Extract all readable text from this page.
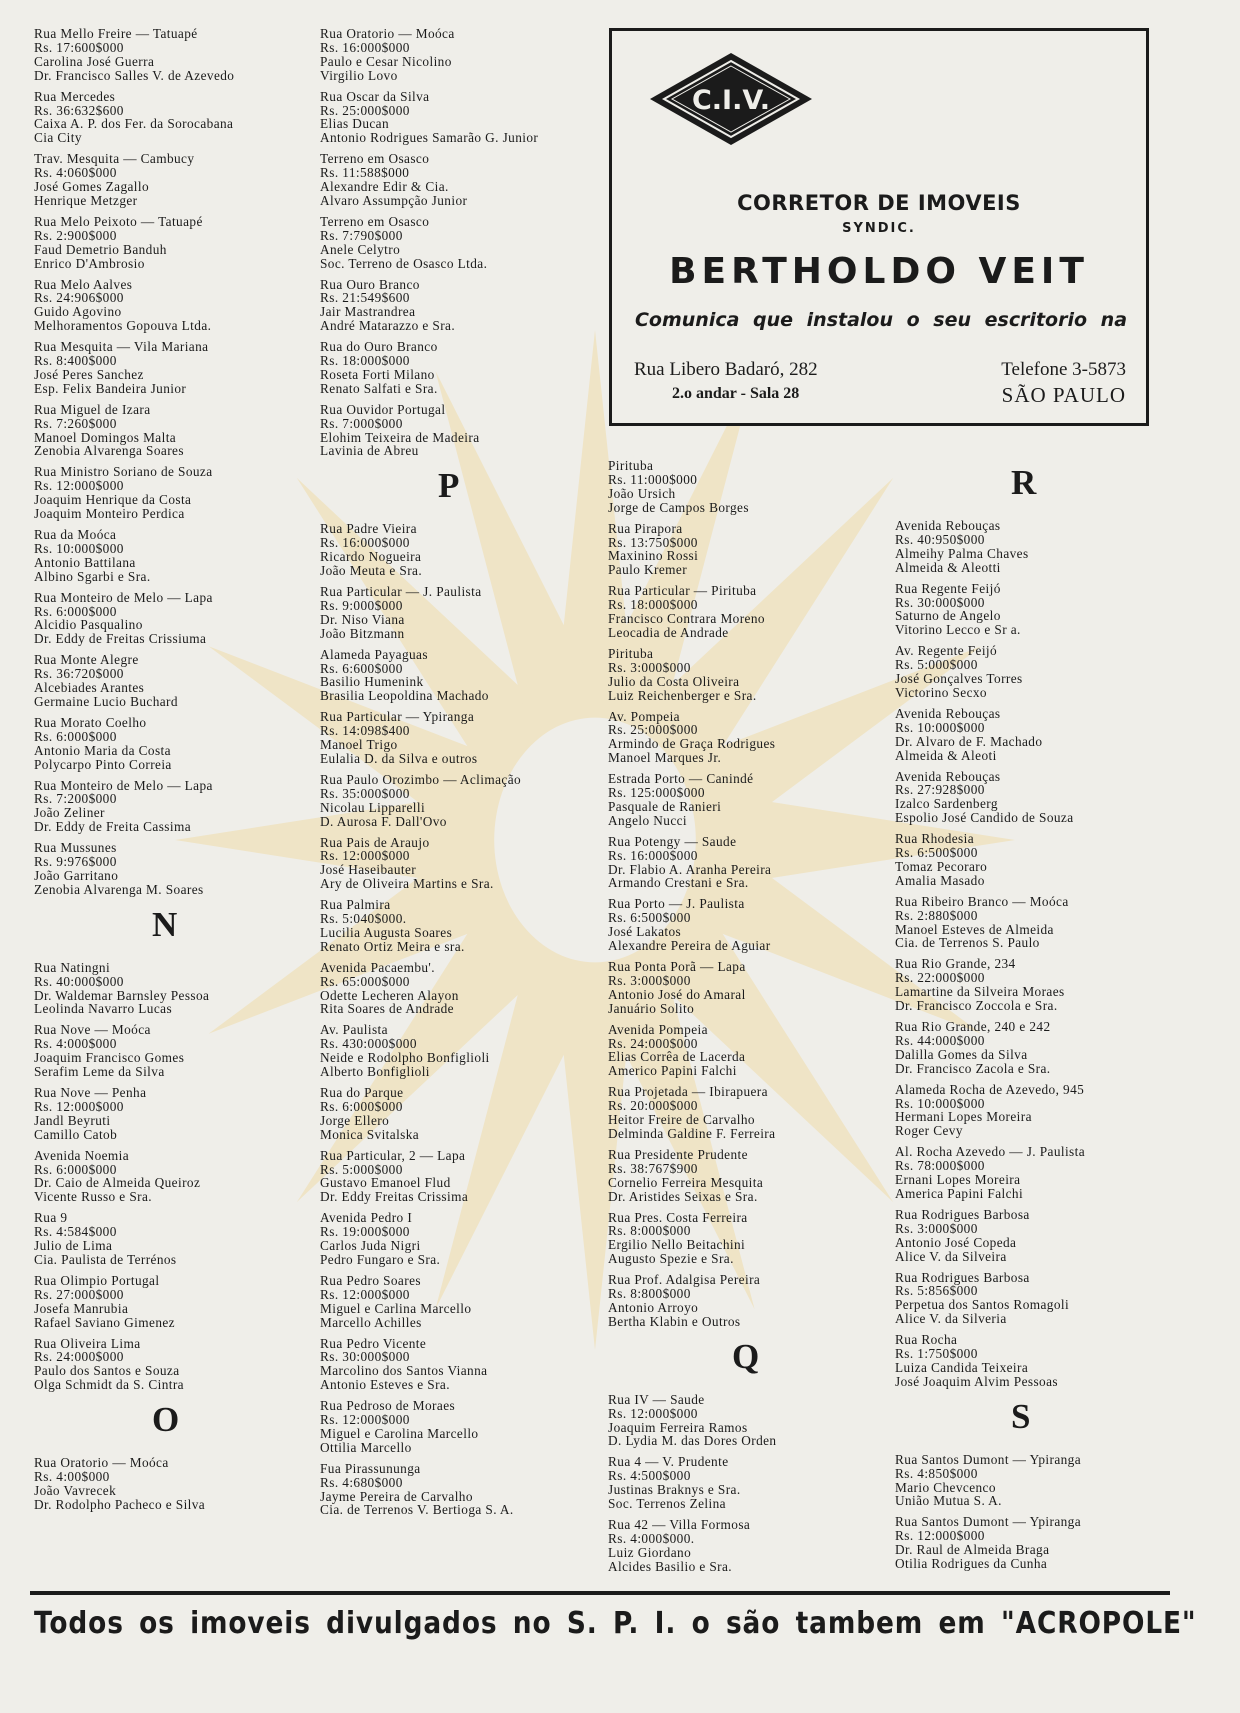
Rua Mello Freire — Tatuapé
Rs. 17:600$000
Carolina José Guerra
Dr. Francisco Salles V. de Azevedo
Rua Mercedes
Rs. 36:632$600
Caixa A. P. dos Fer. da Sorocabana
Cia City
Trav. Mesquita — Cambucy
Rs. 4:060$000
José Gomes Zagallo
Henrique Metzger
Rua Melo Peixoto — Tatuapé
Rs. 2:900$000
Faud Demetrio Banduh
Enrico D'Ambrosio
Rua Melo Aalves
Rs. 24:906$000
Guido Agovino
Melhoramentos Gopouva Ltda.
Rua Mesquita — Vila Mariana
Rs. 8:400$000
José Peres Sanchez
Esp. Felix Bandeira Junior
Rua Miguel de Izara
Rs. 7:260$000
Manoel Domingos Malta
Zenobia Alvarenga Soares
Rua Ministro Soriano de Souza
Rs. 12:000$000
Joaquim Henrique da Costa
Joaquim Monteiro Perdica
Rua da Moóca
Rs. 10:000$000
Antonio Battilana
Albino Sgarbi e Sra.
Rua Monteiro de Melo — Lapa
Rs. 6:000$000
Alcidio Pasqualino
Dr. Eddy de Freitas Crissiuma
Rua Monte Alegre
Rs. 36:720$000
Alcebiades Arantes
Germaine Lucio Buchard
Rua Morato Coelho
Rs. 6:000$000
Antonio Maria da Costa
Polycarpo Pinto Correia
Rua Monteiro de Melo — Lapa
Rs. 7:200$000
João Zeliner
Dr. Eddy de Freita Cassima
Rua Mussunes
Rs. 9:976$000
João Garritano
Zenobia Alvarenga M. Soares
N
Rua Natingni
Rs. 40:000$000
Dr. Waldemar Barnsley Pessoa
Leolinda Navarro Lucas
Rua Nove — Moóca
Rs. 4:000$000
Joaquim Francisco Gomes
Serafim Leme da Silva
Rua Nove — Penha
Rs. 12:000$000
Jandl Beyruti
Camillo Catob
Avenida Noemia
Rs. 6:000$000
Dr. Caio de Almeida Queiroz
Vicente Russo e Sra.
Rua 9
Rs. 4:584$000
Julio de Lima
Cia. Paulista de Terrénos
Rua Olimpio Portugal
Rs. 27:000$000
Josefa Manrubia
Rafael Saviano Gimenez
Rua Oliveira Lima
Rs. 24:000$000
Paulo dos Santos e Souza
Olga Schmidt da S. Cintra
O
Rua Oratorio — Moóca
Rs. 4:00$000
João Vavrecek
Dr. Rodolpho Pacheco e Silva
Rua Oratorio — Moóca
Rs. 16:000$000
Paulo e Cesar Nicolino
Virgilio Lovo
Rua Oscar da Silva
Rs. 25:000$000
Elias Ducan
Antonio Rodrigues Samarão G. Junior
Terreno em Osasco
Rs. 11:588$000
Alexandre Edir & Cia.
Alvaro Assumpção Junior
Terreno em Osasco
Rs. 7:790$000
Anele Celytro
Soc. Terreno de Osasco Ltda.
Rua Ouro Branco
Rs. 21:549$600
Jair Mastrandrea
André Matarazzo e Sra.
Rua do Ouro Branco
Rs. 18:000$000
Roseta Forti Milano
Renato Salfati e Sra.
Rua Ouvidor Portugal
Rs. 7:000$000
Elohim Teixeira de Madeira
Lavinia de Abreu
P
Rua Padre Vieira
Rs. 16:000$000
Ricardo Nogueira
João Meuta e Sra.
Rua Particular — J. Paulista
Rs. 9:000$000
Dr. Niso Viana
João Bitzmann
Alameda Payaguas
Rs. 6:600$000
Basilio Humenink
Brasilia Leopoldina Machado
Rua Particular — Ypiranga
Rs. 14:098$400
Manoel Trigo
Eulalia D. da Silva e outros
Rua Paulo Orozimbo — Aclimação
Rs. 35:000$000
Nicolau Lipparelli
D. Aurosa F. Dall'Ovo
Rua Pais de Araujo
Rs. 12:000$000
José Haseibauter
Ary de Oliveira Martins e Sra.
Rua Palmira
Rs. 5:040$000.
Lucilia Augusta Soares
Renato Ortiz Meira e sra.
Avenida Pacaembu'.
Rs. 65:000$000
Odette Lecheren Alayon
Rita Soares de Andrade
Av. Paulista
Rs. 430:000$000
Neide e Rodolpho Bonfiglioli
Alberto Bonfiglioli
Rua do Parque
Rs. 6:000$000
Jorge Ellero
Monica Svitalska
Rua Particular, 2 — Lapa
Rs. 5:000$000
Gustavo Emanoel Flud
Dr. Eddy Freitas Crissima
Avenida Pedro I
Rs. 19:000$000
Carlos Juda Nigri
Pedro Fungaro e Sra.
Rua Pedro Soares
Rs. 12:000$000
Miguel e Carlina Marcello
Marcello Achilles
Rua Pedro Vicente
Rs. 30:000$000
Marcolino dos Santos Vianna
Antonio Esteves e Sra.
Rua Pedroso de Moraes
Rs. 12:000$000
Miguel e Carolina Marcello
Ottilia Marcello
Fua Pirassununga
Rs. 4:680$000
Jayme Pereira de Carvalho
Cia. de Terrenos V. Bertioga S. A.
Pirituba
Rs. 11:000$000
João Ursich
Jorge de Campos Borges
Rua Pirapora
Rs. 13:750$000
Maxinino Rossi
Paulo Kremer
Rua Particular — Pirituba
Rs. 18:000$000
Francisco Contrara Moreno
Leocadia de Andrade
Pirituba
Rs. 3:000$000
Julio da Costa Oliveira
Luiz Reichenberger e Sra.
Av. Pompeia
Rs. 25:000$000
Armindo de Graça Rodrigues
Manoel Marques Jr.
Estrada Porto — Canindé
Rs. 125:000$000
Pasquale de Ranieri
Angelo Nucci
Rua Potengy — Saude
Rs. 16:000$000
Dr. Flabio A. Aranha Pereira
Armando Crestani e Sra.
Rua Porto — J. Paulista
Rs. 6:500$000
José Lakatos
Alexandre Pereira de Aguiar
Rua Ponta Porã — Lapa
Rs. 3:000$000
Antonio José do Amaral
Januário Solito
Avenida Pompeia
Rs. 24:000$000
Elias Corrêa de Lacerda
Americo Papini Falchi
Rua Projetada — Ibirapuera
Rs. 20:000$000
Heitor Freire de Carvalho
Delminda Galdine F. Ferreira
Rua Presidente Prudente
Rs. 38:767$900
Cornelio Ferreira Mesquita
Dr. Aristides Seixas e Sra.
Rua Pres. Costa Ferreira
Rs. 8:000$000
Ergilio Nello Beitachini
Augusto Spezie e Sra.
Rua Prof. Adalgisa Pereira
Rs. 8:800$000
Antonio Arroyo
Bertha Klabin e Outros
Q
Rua IV — Saude
Rs. 12:000$000
Joaquim Ferreira Ramos
D. Lydia M. das Dores Orden
Rua 4 — V. Prudente
Rs. 4:500$000
Justinas Braknys e Sra.
Soc. Terrenos Zelina
Rua 42 — Villa Formosa
Rs. 4:000$000.
Luiz Giordano
Alcides Basilio e Sra.
R
Avenida Rebouças
Rs. 40:950$000
Almeihy Palma Chaves
Almeida & Aleotti
Rua Regente Feijó
Rs. 30:000$000
Saturno de Angelo
Vitorino Lecco e Sr a.
Av. Regente Feijó
Rs. 5:000$000
José Gonçalves Torres
Victorino Secxo
Avenida Rebouças
Rs. 10:000$000
Dr. Alvaro de F. Machado
Almeida & Aleoti
Avenida Rebouças
Rs. 27:928$000
Izalco Sardenberg
Espolio José Candido de Souza
Rua Rhodesia
Rs. 6:500$000
Tomaz Pecoraro
Amalia Masado
Rua Ribeiro Branco — Moóca
Rs. 2:880$000
Manoel Esteves de Almeida
Cia. de Terrenos S. Paulo
Rua Rio Grande, 234
Rs. 22:000$000
Lamartine da Silveira Moraes
Dr. Francisco Zoccola e Sra.
Rua Rio Grande, 240 e 242
Rs. 44:000$000
Dalilla Gomes da Silva
Dr. Francisco Zacola e Sra.
Alameda Rocha de Azevedo, 945
Rs. 10:000$000
Hermani Lopes Moreira
Roger Cevy
Al. Rocha Azevedo — J. Paulista
Rs. 78:000$000
Ernani Lopes Moreira
America Papini Falchi
Rua Rodrigues Barbosa
Rs. 3:000$000
Antonio José Copeda
Alice V. da Silveira
Rua Rodrigues Barbosa
Rs. 5:856$000
Perpetua dos Santos Romagoli
Alice V. da Silveria
Rua Rocha
Rs. 1:750$000
Luiza Candida Teixeira
José Joaquim Alvim Pessoas
S
Rua Santos Dumont — Ypiranga
Rs. 4:850$000
Mario Chevcenco
União Mutua S. A.
Rua Santos Dumont — Ypiranga
Rs. 12:000$000
Dr. Raul de Almeida Braga
Otilia Rodrigues da Cunha
C.I.V.
CORRETOR DE IMOVEIS
SYNDIC.
BERTHOLDO VEIT
Comunica que instalou o seu escritorio na
Rua Libero Badaró, 282
2.o andar - Sala 28
Telefone 3-5873
SÃO PAULO
Todos os imoveis divulgados no S. P. I. o são tambem em "ACROPOLE"
